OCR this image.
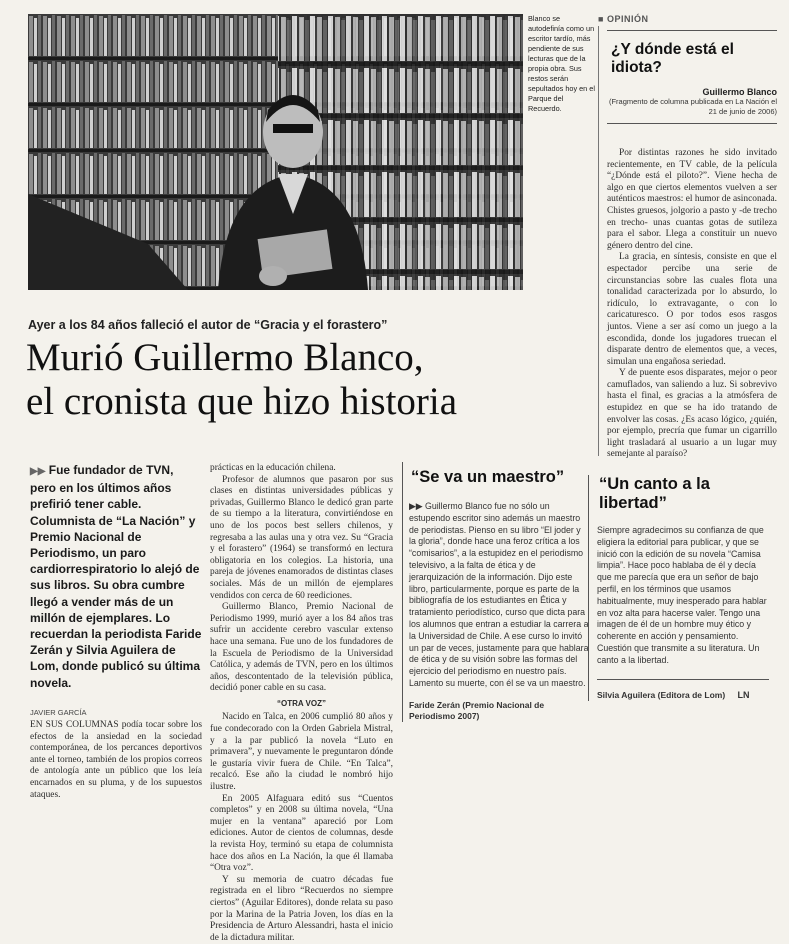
Blanco se autodefinía como un escritor tardío, más pendiente de sus lecturas que de la propia obra. Sus restos serán sepultados hoy en el Parque del Recuerdo.
Ayer a los 84 años falleció el autor de “Gracia y el forastero”
Murió Guillermo Blanco,
el cronista que hizo historia
▶▶ Fue fundador de TVN, pero en los últimos años prefirió tener cable. Columnista de “La Nación” y Premio Nacional de Periodismo, un paro cardiorrespiratorio lo alejó de sus libros. Su obra cumbre llegó a vender más de un millón de ejemplares. Lo recuerdan la periodista Faride Zerán y Silvia Aguilera de Lom, donde publicó su última novela.
JAVIER GARCÍA
EN SUS COLUMNAS podía tocar sobre los efectos de la ansiedad en la sociedad contemporánea, de los percances deportivos ante el torneo, también de los propios correos de antología ante un público que los leía encarnados en su pluma, y de los supuestos ataques.

prácticas en la educación chilena.

Profesor de alumnos que pasaron por sus clases en distintas universidades públicas y privadas, Guillermo Blanco le dedicó gran parte de su tiempo a la literatura, convirtiéndose en uno de los pocos best sellers chilenos, y regresaba a las aulas una y otra vez. Su “Gracia y el forastero” (1964) se transformó en lectura obligatoria en los colegios. La historia, una pareja de jóvenes enamorados de distintas clases sociales. Más de un millón de ejemplares vendidos con cerca de 60 reediciones.

Guillermo Blanco, Premio Nacional de Periodismo 1999, murió ayer a los 84 años tras sufrir un accidente cerebro vascular extenso hace una semana. Fue uno de los fundadores de la Escuela de Periodismo de la Universidad Católica, y además de TVN, pero en los últimos años, descontentado de la televisión pública, decidió poner cable en su casa.

“OTRA VOZ”

Nacido en Talca, en 2006 cumplió 80 años y fue condecorado con la Orden Gabriela Mistral, y a la par publicó la novela “Luto en primavera”, y nuevamente le preguntaron dónde le gustaría vivir fuera de Chile. “En Talca”, recalcó. Ese año la ciudad le nombró hijo ilustre.

En 2005 Alfaguara editó sus “Cuentos completos” y en 2008 su última novela, “Una mujer en la ventana” apareció por Lom ediciones. Autor de cientos de columnas, desde la revista Hoy, terminó su etapa de columnista hace dos años en La Nación, la que él llamaba “Otra voz”.

Y su memoria de cuatro décadas fue registrada en el libro “Recuerdos no siempre ciertos” (Aguilar Editores), donde relata su paso por la Marina de la Patria Joven, los días en la Presidencia de Arturo Alessandri, hasta el inicio de la dictadura militar.

“Se va un maestro”
▶▶ Guillermo Blanco fue no sólo un estupendo escritor sino además un maestro de periodistas. Pienso en su libro “El joder y la gloria”, donde hace una feroz crítica a los “comisarios”, a la estupidez en el periodismo televisivo, a la falta de ética y de jerarquización de la información. Dijo este libro, particularmente, porque es parte de la bibliografía de los estudiantes en Ética y tratamiento periodístico, curso que dicta para los alumnos que entran a estudiar la carrera a la Universidad de Chile. A ese curso lo invitó un par de veces, justamente para que hablara de ética y de su visión sobre las formas del ejercicio del periodismo en nuestro país. Lamento su muerte, con él se va un maestro.
Faride Zerán (Premio Nacional de Periodismo 2007)
“Un canto a la libertad”
Siempre agradecimos su confianza de que eligiera la editorial para publicar, y que se inició con la edición de su novela “Camisa limpia”. Hace poco hablaba de él y decía que me parecía que era un señor de bajo perfil, en los términos que usamos habitualmente, muy inesperado para hablar en voz alta para hacerse valer. Tengo una imagen de él de un hombre muy ético y coherente en acción y pensamiento. Cuestión que transmite a su literatura. Un canto a la libertad.
Silvia Aguilera (Editora de Lom) LN
■ OPINIÓN
¿Y dónde está el idiota?
Guillermo Blanco
(Fragmento de columna publicada en La Nación el 21 de junio de 2006)

Por distintas razones he sido invitado recientemente, en TV cable, de la película “¿Dónde está el piloto?”. Viene hecha de algo en que ciertos elementos vuelven a ser auténticos maestros: el humor de asinconada. Chistes gruesos, jolgorio a pasto y -de trecho en trecho- unas cuantas gotas de sutileza para el sabor. Llega a constituir un nuevo género dentro del cine.

La gracia, en síntesis, consiste en que el espectador percibe una serie de circunstancias sobre las cuales flota una tonalidad caracterizada por lo absurdo, lo ridículo, lo extravagante, o con lo caricaturesco. O por todos esos rasgos juntos. Viene a ser así como un juego a la escondida, donde los jugadores truecan el disparate dentro de elementos que, a veces, simulan una engañosa seriedad.

Y de puente esos disparates, mejor o peor camuflados, van saliendo a luz. Si sobrevivo hasta el final, es gracias a la atmósfera de estupidez en que se ha ido tratando de envolver las cosas. ¿Es acaso lógico, ¿quién, por ejemplo, precría que fumar un cigarrillo light trasladará al usuario a un lugar muy semejante al paraíso?
